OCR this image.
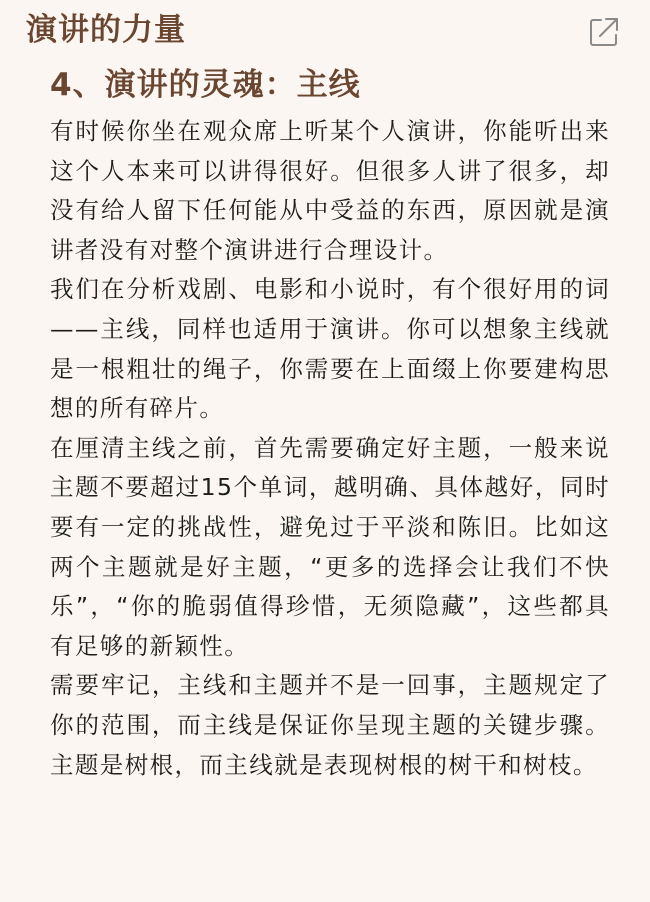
演讲的力量
4、演讲的灵魂：主线

有时候你坐在观众席上听某个人演讲，你能听出来这个人本来可以讲得很好。但很多人讲了很多，却没有给人留下任何能从中受益的东西，原因就是演讲者没有对整个演讲进行合理设计。

我们在分析戏剧、电影和小说时，有个很好用的词——主线，同样也适用于演讲。你可以想象主线就是一根粗壮的绳子，你需要在上面缀上你要建构思想的所有碎片。

在厘清主线之前，首先需要确定好主题，一般来说主题不要超过15个单词，越明确、具体越好，同时要有一定的挑战性，避免过于平淡和陈旧。比如这两个主题就是好主题，“更多的选择会让我们不快乐”，“你的脆弱值得珍惜，无须隐藏”，这些都具有足够的新颖性。

需要牢记，主线和主题并不是一回事，主题规定了你的范围，而主线是保证你呈现主题的关键步骤。主题是树根，而主线就是表现树根的树干和树枝。
